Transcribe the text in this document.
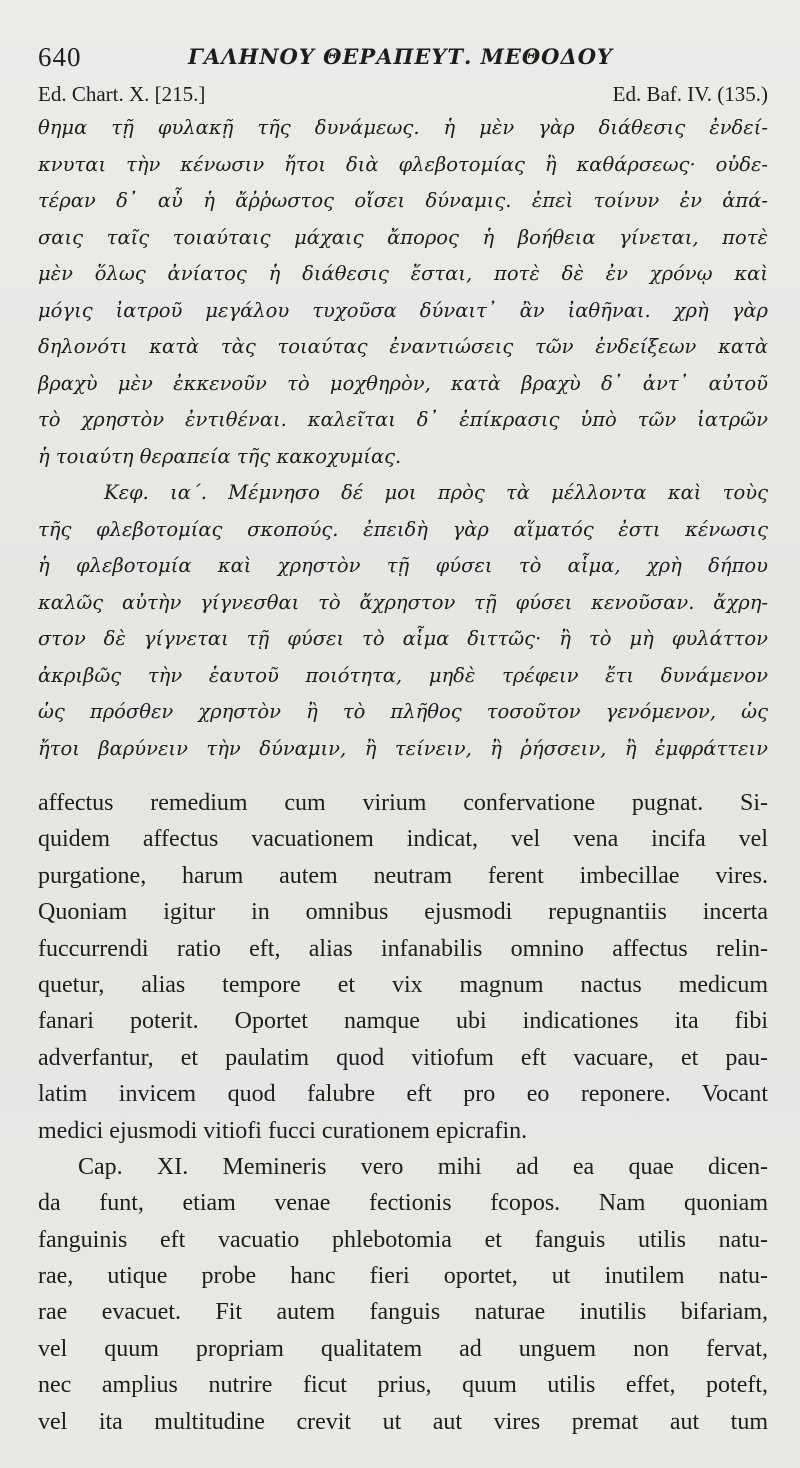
640	ΓΑΛΗΝΟΥ ΘΕΡΑΠΕΥΤ. ΜΕΘΟΔΟΥ
Ed. Chart. X. [215.]	Ed. Baf. IV. (135.)
θημα τῇ φυλακῇ τῆς δυνάμεως. ἡ μὲν γὰρ διάθεσις ἐνδεί-
κνυται τὴν κένωσιν ἤτοι διὰ φλεβοτομίας ἢ καθάρσεως· οὐδε-
τέραν δ᾽ αὖ ἡ ἄῤῥωστος οἴσει δύναμις. ἐπεὶ τοίνυν ἐν ἁπά-
σαις ταῖς τοιαύταις μάχαις ἄπορος ἡ βοήθεια γίνεται, ποτὲ
μὲν ὅλως ἀνίατος ἡ διάθεσις ἔσται, ποτὲ δὲ ἐν χρόνῳ καὶ
μόγις ἰατροῦ μεγάλου τυχοῦσα δύναιτ᾽ ἂν ἰαθῆναι. χρὴ γὰρ
δηλονότι κατὰ τὰς τοιαύτας ἐναντιώσεις τῶν ἐνδείξεων κατὰ
βραχὺ μὲν ἐκκενοῦν τὸ μοχθηρὸν, κατὰ βραχὺ δ᾽ ἀντ᾽ αὐτοῦ
τὸ χρηστὸν ἐντιθέναι. καλεῖται δ᾽ ἐπίκρασις ὑπὸ τῶν ἰατρῶν
ἡ τοιαύτη θεραπεία τῆς κακοχυμίας.
Κεφ. ια΄. Μέμνησο δέ μοι πρὸς τὰ μέλλοντα καὶ τοὺς
τῆς φλεβοτομίας σκοπούς. ἐπειδὴ γὰρ αἵματός ἐστι κένωσις
ἡ φλεβοτομία καὶ χρηστὸν τῇ φύσει τὸ αἷμα, χρὴ δήπου
καλῶς αὐτὴν γίγνεσθαι τὸ ἄχρηστον τῇ φύσει κενοῦσαν. ἄχρη-
στον δὲ γίγνεται τῇ φύσει τὸ αἷμα διττῶς· ἢ τὸ μὴ φυλάττον
ἀκριβῶς τὴν ἑαυτοῦ ποιότητα, μηδὲ τρέφειν ἔτι δυνάμενον
ὡς πρόσθεν χρηστὸν ἢ τὸ πλῆθος τοσοῦτον γενόμενον, ὡς
ἤτοι βαρύνειν τὴν δύναμιν, ἢ τείνειν, ἢ ῥήσσειν, ἢ ἐμφράττειν
affectus remedium cum virium confervatione pugnat. Si-
quidem affectus vacuationem indicat, vel vena incifa vel
purgatione, harum autem neutram ferent imbecillae vires.
Quoniam igitur in omnibus ejusmodi repugnantiis incerta
fuccurrendi ratio eft, alias infanabilis omnino affectus relin-
quetur, alias tempore et vix magnum nactus medicum
fanari poterit. Oportet namque ubi indicationes ita fibi
adverfantur, et paulatim quod vitiofum eft vacuare, et pau-
latim invicem quod falubre eft pro eo reponere. Vocant
medici ejusmodi vitiofi fucci curationem epicrafin.
Cap. XI. Memineris vero mihi ad ea quae dicen-
da funt, etiam venae fectionis fcopos. Nam quoniam
fanguinis eft vacuatio phlebotomia et fanguis utilis natu-
rae, utique probe hanc fieri oportet, ut inutilem natu-
rae evacuet. Fit autem fanguis naturae inutilis bifariam,
vel quum propriam qualitatem ad unguem non fervat,
nec amplius nutrire ficut prius, quum utilis effet, poteft,
vel ita multitudine crevit ut aut vires premat aut tum
